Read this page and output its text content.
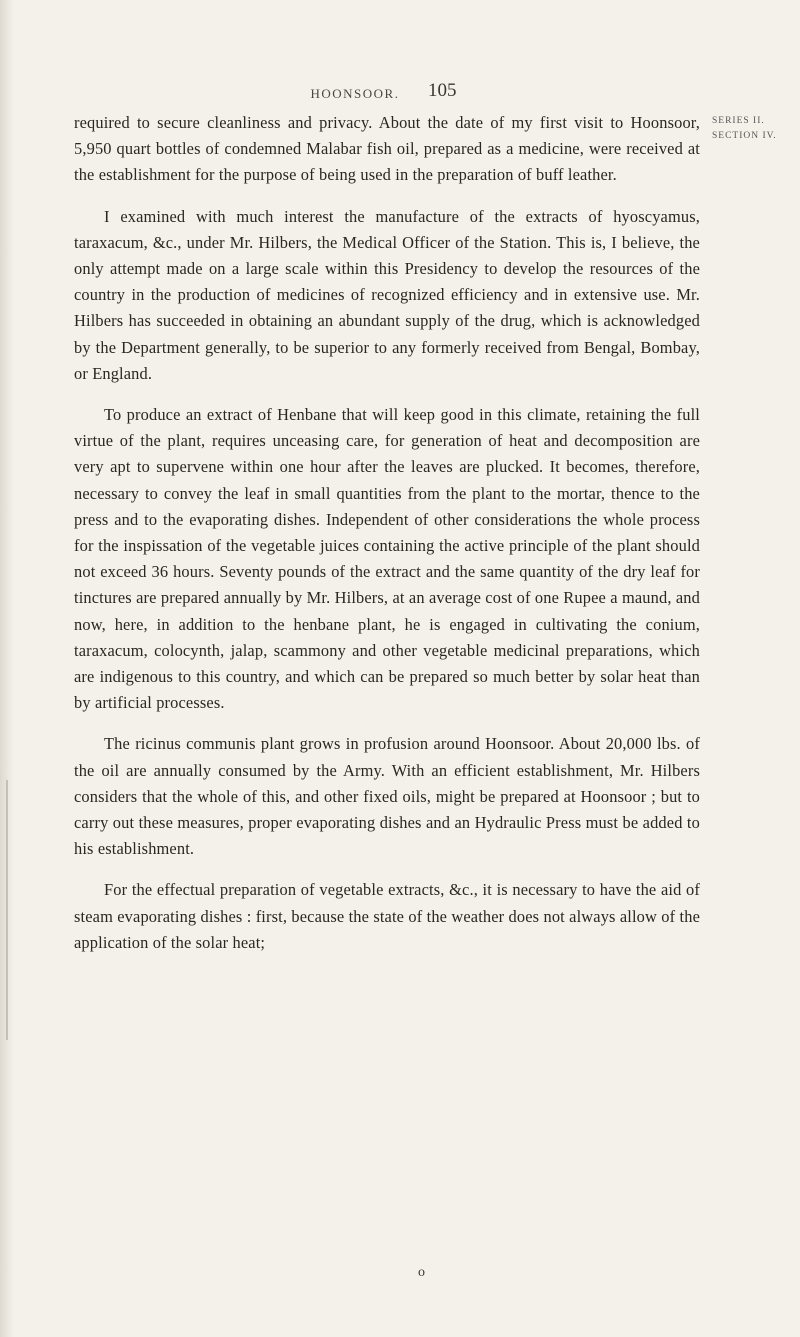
HOONSOOR.	105
SERIES II.
SECTION IV.

required to secure cleanliness and privacy. About the date of my first visit to Hoonsoor, 5,950 quart bottles of condemned Malabar fish oil, prepared as a medicine, were received at the establishment for the purpose of being used in the preparation of buff leather.

I examined with much interest the manufacture of the extracts of hyoscyamus, taraxacum, &c., under Mr. Hilbers, the Medical Officer of the Station. This is, I believe, the only attempt made on a large scale within this Presidency to develop the resources of the country in the production of medicines of recognized efficiency and in extensive use. Mr. Hilbers has succeeded in obtaining an abundant supply of the drug, which is acknowledged by the Department generally, to be superior to any formerly received from Bengal, Bombay, or England.

To produce an extract of Henbane that will keep good in this climate, retaining the full virtue of the plant, requires unceasing care, for generation of heat and decomposition are very apt to supervene within one hour after the leaves are plucked. It becomes, therefore, necessary to convey the leaf in small quantities from the plant to the mortar, thence to the press and to the evaporating dishes. Independent of other considerations the whole process for the inspissation of the vegetable juices containing the active principle of the plant should not exceed 36 hours. Seventy pounds of the extract and the same quantity of the dry leaf for tinctures are prepared annually by Mr. Hilbers, at an average cost of one Rupee a maund, and now, here, in addition to the henbane plant, he is engaged in cultivating the conium, taraxacum, colocynth, jalap, scammony and other vegetable medicinal preparations, which are indigenous to this country, and which can be prepared so much better by solar heat than by artificial processes.

The ricinus communis plant grows in profusion around Hoonsoor. About 20,000 lbs. of the oil are annually consumed by the Army. With an efficient establishment, Mr. Hilbers considers that the whole of this, and other fixed oils, might be prepared at Hoonsoor ; but to carry out these measures, proper evaporating dishes and an Hydraulic Press must be added to his establishment.

For the effectual preparation of vegetable extracts, &c., it is necessary to have the aid of steam evaporating dishes : first, because the state of the weather does not always allow of the application of the solar heat;

o
